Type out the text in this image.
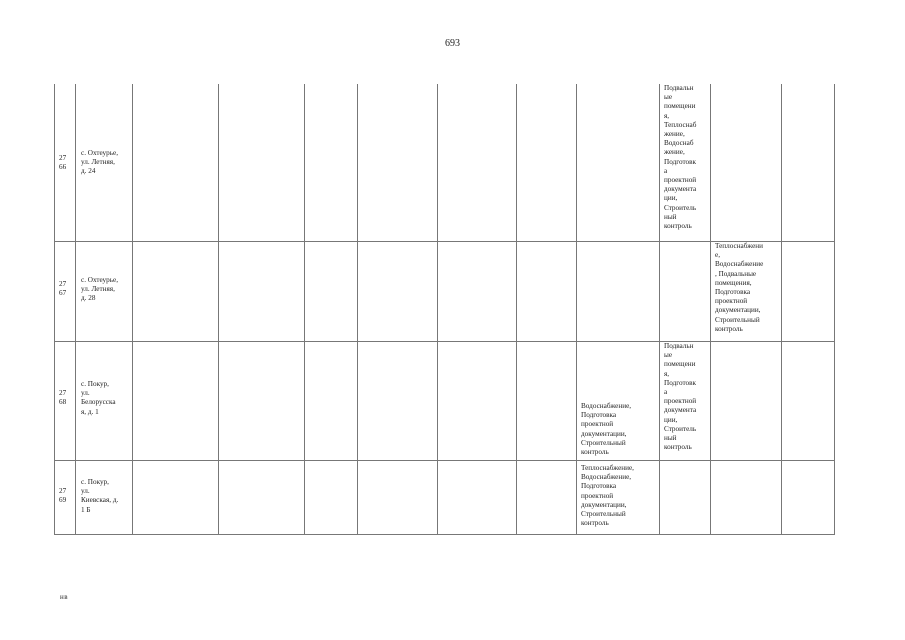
693
27
66
с. Охтеурье,
ул. Летняя,
д. 24
Подвальн
ые
помещени
я,
Теплоснаб
жение,
Водоснаб
жение,
Подготовк
а
проектной
документа
ции,
Строитель
ный
контроль
27
67
с. Охтеурье,
ул. Летняя,
д. 28
Теплоснабжени
е,
Водоснабжение
, Подвальные
помещения,
Подготовка
проектной
документации,
Строительный
контроль
27
68
с. Покур,
ул.
Белорусска
я, д. 1
Водоснабжение,
Подготовка
проектной
документации,
Строительный
контроль
Подвальн
ые
помещени
я,
Подготовк
а
проектной
документа
ции,
Строитель
ный
контроль
27
69
с. Покур,
ул.
Киевская, д.
1 Б
Теплоснабжение,
Водоснабжение,
Подготовка
проектной
документации,
Строительный
контроль
нв
